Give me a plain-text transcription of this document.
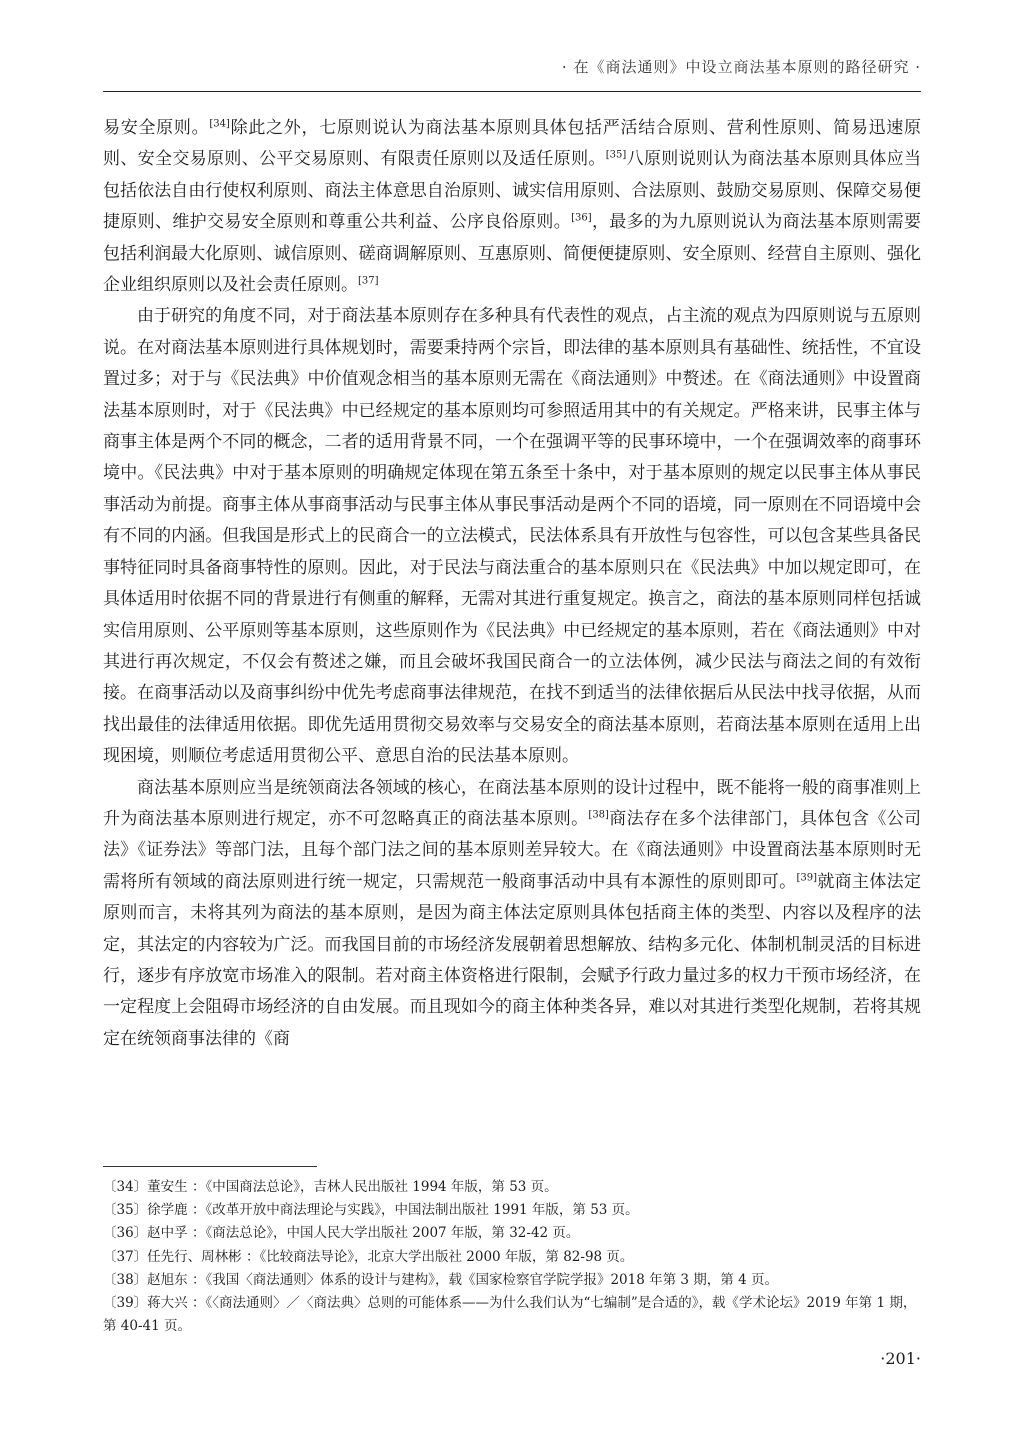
· 在《商法通则》中设立商法基本原则的路径研究 ·

易安全原则。[34]除此之外，七原则说认为商法基本原则具体包括严活结合原则、营利性原则、简易迅速原则、安全交易原则、公平交易原则、有限责任原则以及适任原则。[35]八原则说则认为商法基本原则具体应当包括依法自由行使权利原则、商法主体意思自治原则、诚实信用原则、合法原则、鼓励交易原则、保障交易便捷原则、维护交易安全原则和尊重公共利益、公序良俗原则。[36]，最多的为九原则说认为商法基本原则需要包括利润最大化原则、诚信原则、磋商调解原则、互惠原则、简便便捷原则、安全原则、经营自主原则、强化企业组织原则以及社会责任原则。[37]

由于研究的角度不同，对于商法基本原则存在多种具有代表性的观点，占主流的观点为四原则说与五原则说。在对商法基本原则进行具体规划时，需要秉持两个宗旨，即法律的基本原则具有基础性、统括性，不宜设置过多；对于与《民法典》中价值观念相当的基本原则无需在《商法通则》中赘述。在《商法通则》中设置商法基本原则时，对于《民法典》中已经规定的基本原则均可参照适用其中的有关规定。严格来讲，民事主体与商事主体是两个不同的概念，二者的适用背景不同，一个在强调平等的民事环境中，一个在强调效率的商事环境中。《民法典》中对于基本原则的明确规定体现在第五条至十条中，对于基本原则的规定以民事主体从事民事活动为前提。商事主体从事商事活动与民事主体从事民事活动是两个不同的语境，同一原则在不同语境中会有不同的内涵。但我国是形式上的民商合一的立法模式，民法体系具有开放性与包容性，可以包含某些具备民事特征同时具备商事特性的原则。因此，对于民法与商法重合的基本原则只在《民法典》中加以规定即可，在具体适用时依据不同的背景进行有侧重的解释，无需对其进行重复规定。换言之，商法的基本原则同样包括诚实信用原则、公平原则等基本原则，这些原则作为《民法典》中已经规定的基本原则，若在《商法通则》中对其进行再次规定，不仅会有赘述之嫌，而且会破坏我国民商合一的立法体例，减少民法与商法之间的有效衔接。在商事活动以及商事纠纷中优先考虑商事法律规范，在找不到适当的法律依据后从民法中找寻依据，从而找出最佳的法律适用依据。即优先适用贯彻交易效率与交易安全的商法基本原则，若商法基本原则在适用上出现困境，则顺位考虑适用贯彻公平、意思自治的民法基本原则。

商法基本原则应当是统领商法各领域的核心，在商法基本原则的设计过程中，既不能将一般的商事准则上升为商法基本原则进行规定，亦不可忽略真正的商法基本原则。[38]商法存在多个法律部门，具体包含《公司法》《证券法》等部门法，且每个部门法之间的基本原则差异较大。在《商法通则》中设置商法基本原则时无需将所有领域的商法原则进行统一规定，只需规范一般商事活动中具有本源性的原则即可。[39]就商主体法定原则而言，未将其列为商法的基本原则，是因为商主体法定原则具体包括商主体的类型、内容以及程序的法定，其法定的内容较为广泛。而我国目前的市场经济发展朝着思想解放、结构多元化、体制机制灵活的目标进行，逐步有序放宽市场准入的限制。若对商主体资格进行限制，会赋予行政力量过多的权力干预市场经济，在一定程度上会阻碍市场经济的自由发展。而且现如今的商主体种类各异，难以对其进行类型化规制，若将其规定在统领商事法律的《商

〔34〕董安生 ：《中国商法总论》，吉林人民出版社 1994 年版，第 53 页。

〔35〕徐学鹿 ：《改革开放中商法理论与实践》，中国法制出版社 1991 年版，第 53 页。

〔36〕赵中孚 ：《商法总论》，中国人民大学出版社 2007 年版，第 32-42 页。

〔37〕任先行、周林彬 ：《比较商法导论》，北京大学出版社 2000 年版，第 82-98 页。

〔38〕赵旭东 ：《我国〈商法通则〉体系的设计与建构》，载《国家检察官学院学报》2018 年第 3 期，第 4 页。

〔39〕蒋大兴 ：《〈商法通则〉／〈商法典〉总则的可能体系——为什么我们认为“七编制”是合适的》，载《学术论坛》2019 年第 1 期，第 40-41 页。

·201·
